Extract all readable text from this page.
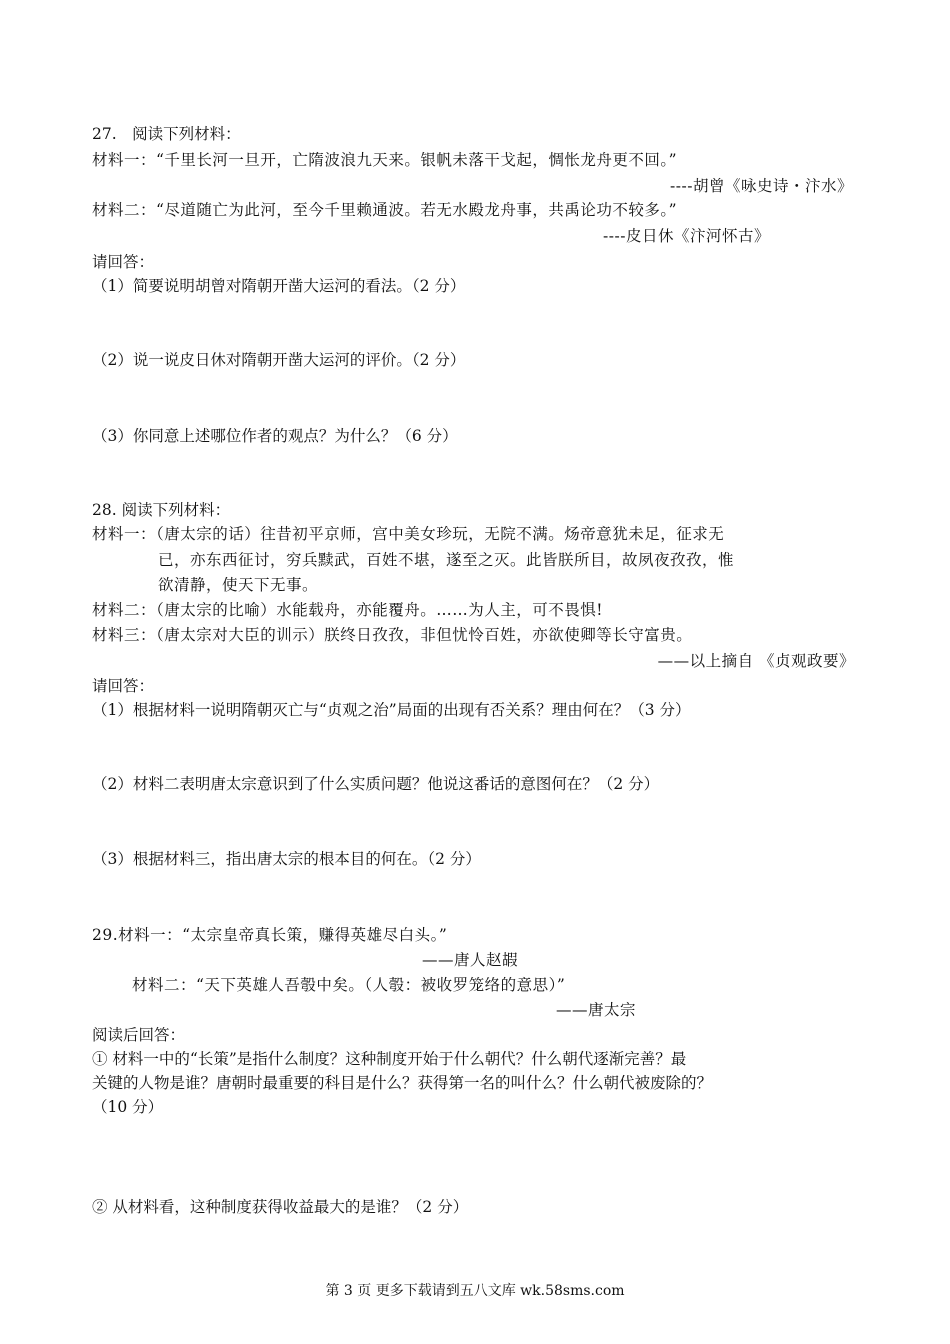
27.　阅读下列材料：
材料一：“千里长河一旦开，亡隋波浪九天来。银帆未落干戈起，惆怅龙舟更不回。”
----胡曾《咏史诗・汴水》
材料二：“尽道随亡为此河，至今千里赖通波。若无水殿龙舟事，共禹论功不较多。”
----皮日休《汴河怀古》
请回答：
（1）简要说明胡曾对隋朝开凿大运河的看法。（2 分）
（2）说一说皮日休对隋朝开凿大运河的评价。（2 分）
（3）你同意上述哪位作者的观点？为什么？（6 分）
28. 阅读下列材料：
材料一：（唐太宗的话）往昔初平京师，宫中美女珍玩，无院不满。炀帝意犹未足，征求无
已，亦东西征讨，穷兵黩武，百姓不堪，遂至之灭。此皆朕所目，故夙夜孜孜，惟
欲清静，使天下无事。
材料二：（唐太宗的比喻）水能载舟，亦能覆舟。……为人主，可不畏惧!
材料三：（唐太宗对大臣的训示）朕终日孜孜，非但忧怜百姓，亦欲使卿等长守富贵。
——以上摘自 《贞观政要》
请回答：
（1）根据材料一说明隋朝灭亡与“贞观之治”局面的出现有否关系？理由何在？（3 分）
（2）材料二表明唐太宗意识到了什么实质问题？他说这番话的意图何在？（2 分）
（3）根据材料三，指出唐太宗的根本目的何在。（2 分）
29.材料一：“太宗皇帝真长策，赚得英雄尽白头。”
——唐人赵嘏
材料二：“天下英雄人吾彀中矣。（人彀：被收罗笼络的意思）”
——唐太宗
阅读后回答：
① 材料一中的“长策”是指什么制度？这种制度开始于什么朝代？什么朝代逐渐完善？最
关键的人物是谁？唐朝时最重要的科目是什么？获得第一名的叫什么？什么朝代被废除的？
（10 分）
② 从材料看，这种制度获得收益最大的是谁？（2 分）
第 3 页 更多下载请到五八文库 wk.58sms.com
